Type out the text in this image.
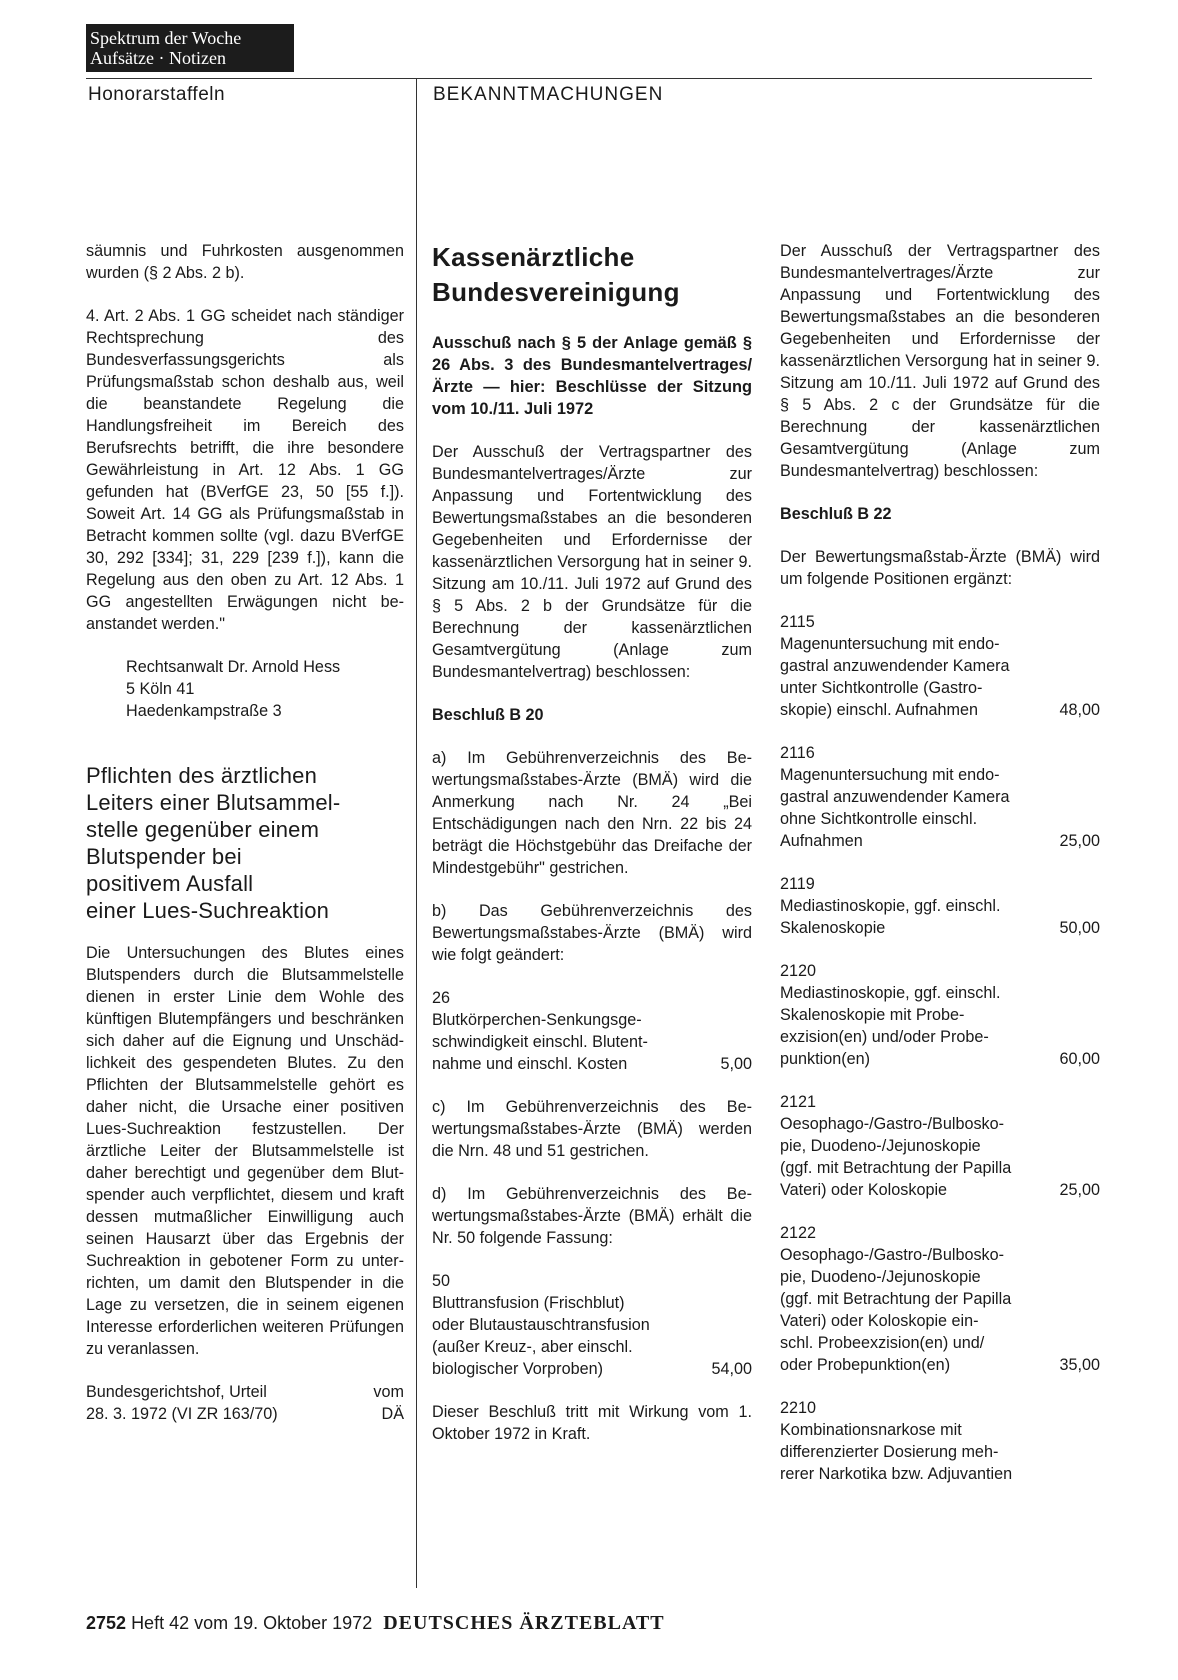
Spektrum der Woche
Aufsätze · Notizen
Honorarstaffeln	BEKANNTMACHUNGEN

säumnis und Fuhrkosten ausgenommen wurden (§ 2 Abs. 2 b).

4. Art. 2 Abs. 1 GG scheidet nach ständiger Rechtsprechung des Bundesverfassungsgerichts als Prüfungsmaßstab schon deshalb aus, weil die beanstandete Regelung die Handlungsfreiheit im Bereich des Berufsrechts betrifft, die ihre besondere Gewährleistung in Art. 12 Abs. 1 GG gefunden hat (BVerfGE 23, 50 [55 f.]). Soweit Art. 14 GG als Prüfungsmaßstab in Betracht kommen sollte (vgl. dazu BVerfGE 30, 292 [334]; 31, 229 [239 f.]), kann die Regelung aus den oben zu Art. 12 Abs. 1 GG angestellten Erwägungen nicht beanstandet werden."

Rechtsanwalt Dr. Arnold Hess
5 Köln 41
Haedenkampstraße 3
Pflichten des ärztlichen
Leiters einer Blutsammel-
stelle gegenüber einem
Blutspender bei
positivem Ausfall
einer Lues-Suchreaktion

Die Untersuchungen des Blutes eines Blutspenders durch die Blutsammelstelle dienen in erster Linie dem Wohle des künftigen Blutempfängers und beschränken sich daher auf die Eignung und Unschädlichkeit des gespendeten Blutes. Zu den Pflichten der Blutsammelstelle gehört es daher nicht, die Ursache einer positiven Lues-Suchreaktion festzustellen. Der ärztliche Leiter der Blutsammelstelle ist daher berechtigt und gegenüber dem Blutspender auch verpflichtet, diesem und kraft dessen mutmaßlicher Einwilligung auch seinen Hausarzt über das Ergebnis der Suchreaktion in gebotener Form zu unterrichten, um damit den Blutspender in die Lage zu versetzen, die in seinem eigenen Interesse erforderlichen weiteren Prüfungen zu veranlassen.

Bundesgerichtshof, Urteil	vom
28. 3. 1972 (VI ZR 163/70)	DÄ
Kassenärztliche
Bundesvereinigung
Ausschuß nach § 5 der Anlage gemäß § 26 Abs. 3 des Bundesmantelvertrages/Ärzte — hier: Beschlüsse der Sitzung vom 10./11. Juli 1972

Der Ausschuß der Vertragspartner des Bundesmantelvertrages/Ärzte zur Anpassung und Fortentwicklung des Bewertungsmaßstabes an die besonderen Gegebenheiten und Erfordernisse der kassenärztlichen Versorgung hat in seiner 9. Sitzung am 10./11. Juli 1972 auf Grund des § 5 Abs. 2 b der Grundsätze für die Berechnung der kassenärztlichen Gesamtvergütung (Anlage zum Bundesmantelvertrag) beschlossen:

Beschluß B 20

a) Im Gebührenverzeichnis des Bewertungsmaßstabes-Ärzte (BMÄ) wird die Anmerkung nach Nr. 24 „Bei Entschädigungen nach den Nrn. 22 bis 24 beträgt die Höchstgebühr das Dreifache der Mindestgebühr" gestrichen.

b) Das Gebührenverzeichnis des Bewertungsmaßstabes-Ärzte (BMÄ) wird wie folgt geändert:

26
Blutkörperchen-Senkungsge-
schwindigkeit einschl. Blutent-
nahme und einschl. Kosten	5,00

c) Im Gebührenverzeichnis des Bewertungsmaßstabes-Ärzte (BMÄ) werden die Nrn. 48 und 51 gestrichen.

d) Im Gebührenverzeichnis des Bewertungsmaßstabes-Ärzte (BMÄ) erhält die Nr. 50 folgende Fassung:

50
Bluttransfusion (Frischblut)
oder Blutaustauschtransfusion
(außer Kreuz-, aber einschl.
biologischer Vorproben)	54,00

Dieser Beschluß tritt mit Wirkung vom 1. Oktober 1972 in Kraft.

Der Ausschuß der Vertragspartner des Bundesmantelvertrages/Ärzte zur Anpassung und Fortentwicklung des Bewertungsmaßstabes an die besonderen Gegebenheiten und Erfordernisse der kassenärztlichen Versorgung hat in seiner 9. Sitzung am 10./11. Juli 1972 auf Grund des § 5 Abs. 2 c der Grundsätze für die Berechnung der kassenärztlichen Gesamtvergütung (Anlage zum Bundesmantelvertrag) beschlossen:

Beschluß B 22

Der Bewertungsmaßstab-Ärzte (BMÄ) wird um folgende Positionen ergänzt:

2115
Magenuntersuchung mit endo-
gastral anzuwendender Kamera
unter Sichtkontrolle (Gastro-
skopie) einschl. Aufnahmen	48,00
2116
Magenuntersuchung mit endo-
gastral anzuwendender Kamera
ohne Sichtkontrolle einschl.
Aufnahmen	25,00
2119
Mediastinoskopie, ggf. einschl.
Skalenoskopie	50,00
2120
Mediastinoskopie, ggf. einschl.
Skalenoskopie mit Probe-
exzision(en) und/oder Probe-
punktion(en)	60,00
2121
Oesophago-/Gastro-/Bulbosko-
pie, Duodeno-/Jejunoskopie
(ggf. mit Betrachtung der Papilla
Vateri) oder Koloskopie	25,00
2122
Oesophago-/Gastro-/Bulbosko-
pie, Duodeno-/Jejunoskopie
(ggf. mit Betrachtung der Papilla
Vateri) oder Koloskopie ein-
schl. Probeexzision(en) und/
oder Probepunktion(en)	35,00
2210
Kombinationsnarkose mit
differenzierter Dosierung meh-
rerer Narkotika bzw. Adjuvantien
2752 Heft 42 vom 19. Oktober 1972 DEUTSCHES ÄRZTEBLATT
